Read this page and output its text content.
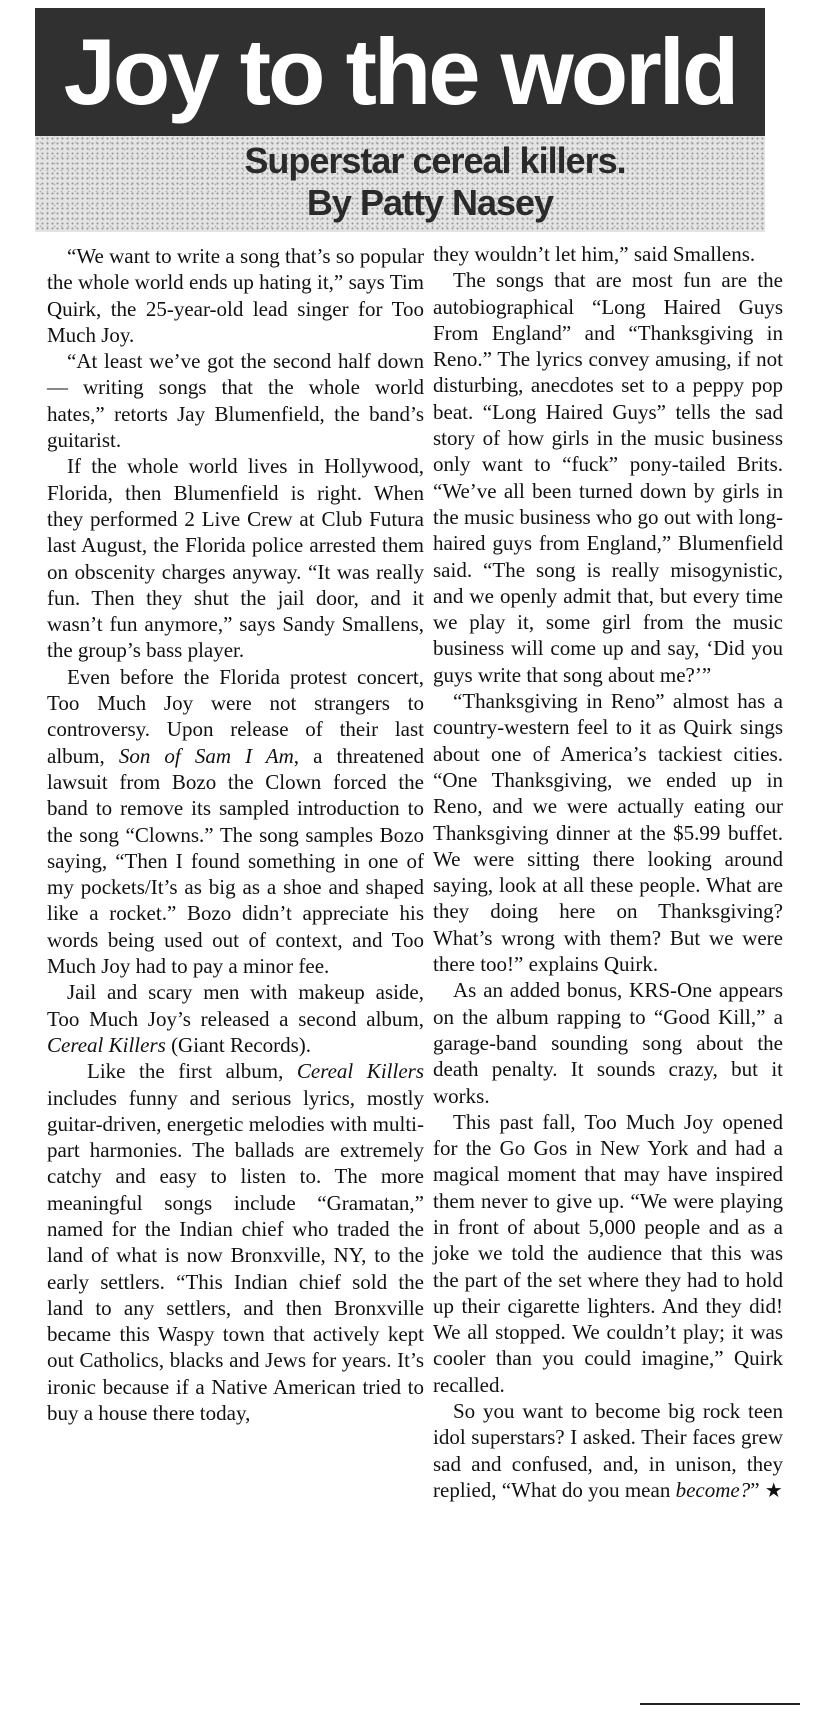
Joy to the world
Superstar cereal killers.
By Patty Nasey

“We want to write a song that’s so popular the whole world ends up hating it,” says Tim Quirk, the 25-year-old lead singer for Too Much Joy.

“At least we’ve got the second half down — writing songs that the whole world hates,” retorts Jay Blumenfield, the band’s guitarist.

If the whole world lives in Hollywood, Florida, then Blumenfield is right. When they performed 2 Live Crew at Club Futura last August, the Florida police arrested them on obscenity charges anyway. “It was really fun. Then they shut the jail door, and it wasn’t fun anymore,” says Sandy Smallens, the group’s bass player.

Even before the Florida protest concert, Too Much Joy were not strangers to controversy. Upon release of their last album, Son of Sam I Am, a threatened lawsuit from Bozo the Clown forced the band to remove its sampled introduction to the song “Clowns.” The song samples Bozo saying, “Then I found something in one of my pockets/It’s as big as a shoe and shaped like a rocket.” Bozo didn’t appreciate his words being used out of context, and Too Much Joy had to pay a minor fee.

Jail and scary men with makeup aside, Too Much Joy’s released a second album, Cereal Killers (Giant Records).

Like the first album, Cereal Killers includes funny and serious lyrics, mostly guitar-driven, energetic melodies with multi-part harmonies. The ballads are extremely catchy and easy to listen to. The more meaningful songs include “Gramatan,” named for the Indian chief who traded the land of what is now Bronxville, NY, to the early settlers. “This Indian chief sold the land to any settlers, and then Bronxville became this Waspy town that actively kept out Catholics, blacks and Jews for years. It’s ironic because if a Native American tried to buy a house there today,

they wouldn’t let him,” said Smallens.

The songs that are most fun are the autobiographical “Long Haired Guys From England” and “Thanksgiving in Reno.” The lyrics convey amusing, if not disturbing, anecdotes set to a peppy pop beat. “Long Haired Guys” tells the sad story of how girls in the music business only want to “fuck” pony-tailed Brits. “We’ve all been turned down by girls in the music business who go out with long-haired guys from England,” Blumenfield said. “The song is really misogynistic, and we openly admit that, but every time we play it, some girl from the music business will come up and say, ‘Did you guys write that song about me?’”

“Thanksgiving in Reno” almost has a country-western feel to it as Quirk sings about one of America’s tackiest cities. “One Thanksgiving, we ended up in Reno, and we were actually eating our Thanksgiving dinner at the $5.99 buffet. We were sitting there looking around saying, look at all these people. What are they doing here on Thanksgiving? What’s wrong with them? But we were there too!” explains Quirk.

As an added bonus, KRS-One appears on the album rapping to “Good Kill,” a garage-band sounding song about the death penalty. It sounds crazy, but it works.

This past fall, Too Much Joy opened for the Go Gos in New York and had a magical moment that may have inspired them never to give up. “We were playing in front of about 5,000 people and as a joke we told the audience that this was the part of the set where they had to hold up their cigarette lighters. And they did! We all stopped. We couldn’t play; it was cooler than you could imagine,” Quirk recalled.

So you want to become big rock teen idol superstars? I asked. Their faces grew sad and confused, and, in unison, they replied, “What do you mean become?” ★
